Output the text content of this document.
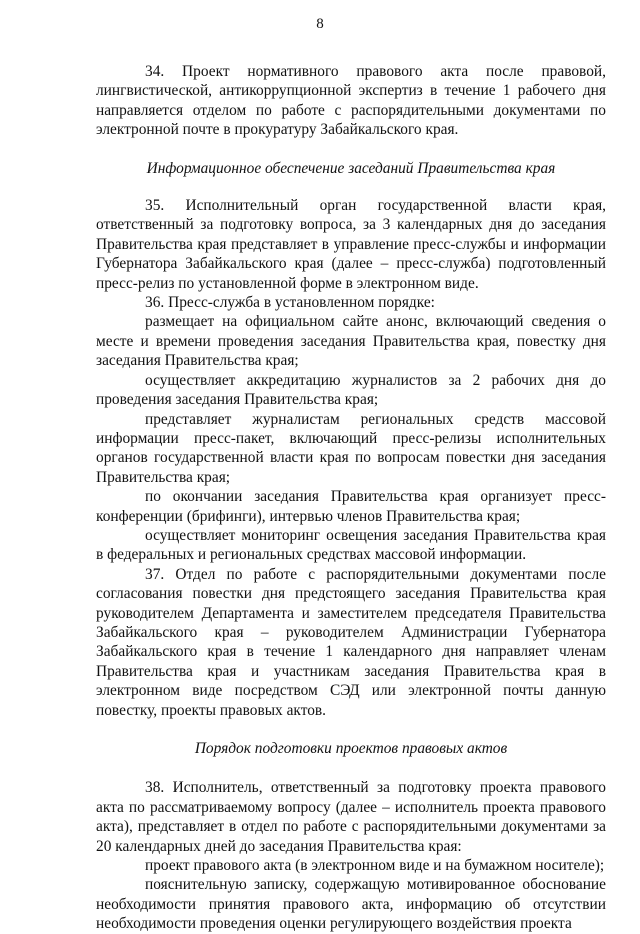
8

34. Проект нормативного правового акта после правовой, лингвистической, антикоррупционной экспертиз в течение 1 рабочего дня направляется отделом по работе с распорядительными документами по электронной почте в прокуратуру Забайкальского края.

Информационное обеспечение заседаний Правительства края

35. Исполнительный орган государственной власти края, ответственный за подготовку вопроса, за 3 календарных дня до заседания Правительства края представляет в управление пресс-службы и информации Губернатора Забайкальского края (далее – пресс-служба) подготовленный пресс-релиз по установленной форме в электронном виде.

36. Пресс-служба в установленном порядке:

размещает на официальном сайте анонс, включающий сведения о месте и времени проведения заседания Правительства края, повестку дня заседания Правительства края;

осуществляет аккредитацию журналистов за 2 рабочих дня до проведения заседания Правительства края;

представляет журналистам региональных средств массовой информации пресс-пакет, включающий пресс-релизы исполнительных органов государственной власти края по вопросам повестки дня заседания Правительства края;

по окончании заседания Правительства края организует пресс-конференции (брифинги), интервью членов Правительства края;

осуществляет мониторинг освещения заседания Правительства края в федеральных и региональных средствах массовой информации.

37. Отдел по работе с распорядительными документами после согласования повестки дня предстоящего заседания Правительства края руководителем Департамента и заместителем председателя Правительства Забайкальского края – руководителем Администрации Губернатора Забайкальского края в течение 1 календарного дня направляет членам Правительства края и участникам заседания Правительства края в электронном виде посредством СЭД или электронной почты данную повестку, проекты правовых актов.

Порядок подготовки проектов правовых актов

38. Исполнитель, ответственный за подготовку проекта правового акта по рассматриваемому вопросу (далее – исполнитель проекта правового акта), представляет в отдел по работе с распорядительными документами за 20 календарных дней до заседания Правительства края:

проект правового акта (в электронном виде и на бумажном носителе);

пояснительную записку, содержащую мотивированное обоснование необходимости принятия правового акта, информацию об отсутствии необходимости проведения оценки регулирующего воздействия проекта
